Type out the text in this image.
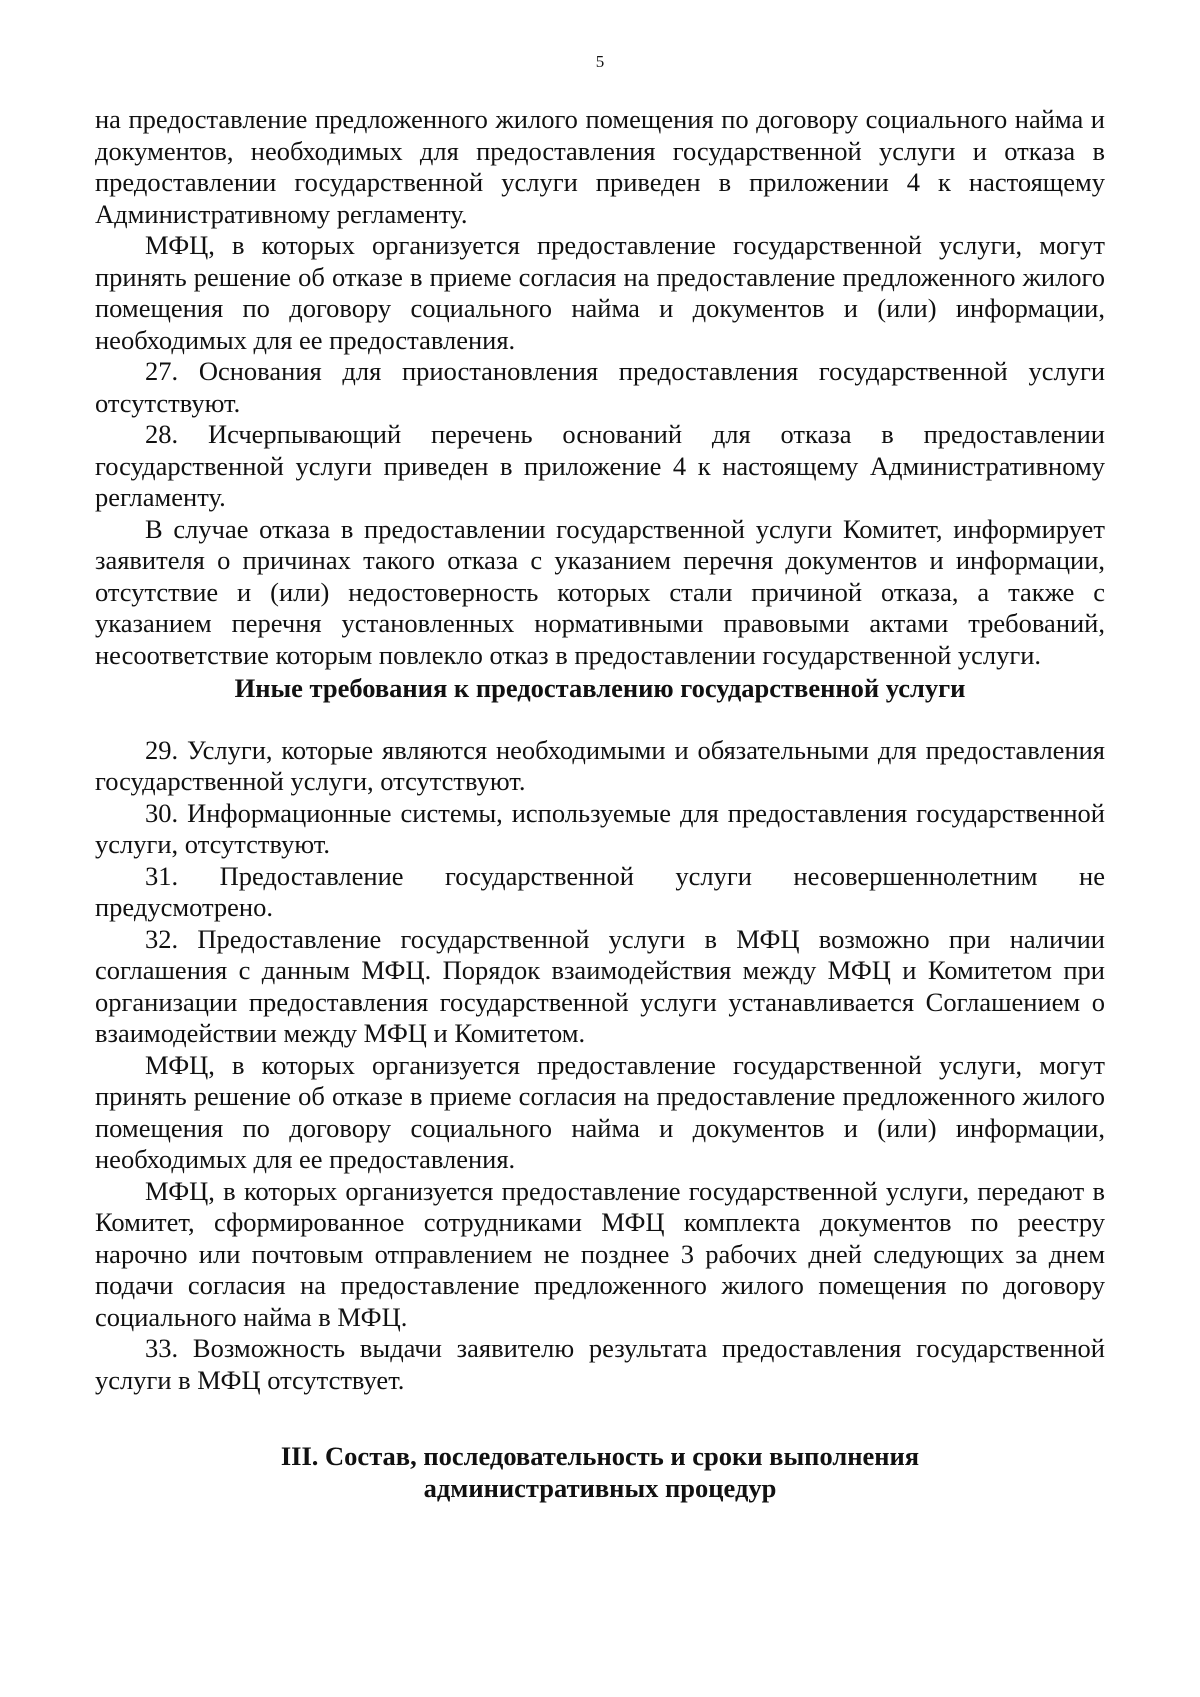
5

на предоставление предложенного жилого помещения по договору социального найма и документов, необходимых для предоставления государственной услуги и отказа в предоставлении государственной услуги приведен в приложении 4 к настоящему Административному регламенту.

МФЦ, в которых организуется предоставление государственной услуги, могут принять решение об отказе в приеме согласия на предоставление предложенного жилого помещения по договору социального найма и документов и (или) информации, необходимых для ее предоставления.

27. Основания для приостановления предоставления государственной услуги отсутствуют.

28. Исчерпывающий перечень оснований для отказа в предоставлении государственной услуги приведен в приложение 4 к настоящему Административному регламенту.

В случае отказа в предоставлении государственной услуги Комитет, информирует заявителя о причинах такого отказа с указанием перечня документов и информации, отсутствие и (или) недостоверность которых стали причиной отказа, а также с указанием перечня установленных нормативными правовыми актами требований, несоответствие которым повлекло отказ в предоставлении государственной услуги.

Иные требования к предоставлению государственной услуги

29. Услуги, которые являются необходимыми и обязательными для предоставления государственной услуги, отсутствуют.

30. Информационные системы, используемые для предоставления государственной услуги, отсутствуют.

31. Предоставление государственной услуги несовершеннолетним не предусмотрено.

32. Предоставление государственной услуги в МФЦ возможно при наличии соглашения с данным МФЦ. Порядок взаимодействия между МФЦ и Комитетом при организации предоставления государственной услуги устанавливается Соглашением о взаимодействии между МФЦ и Комитетом.

МФЦ, в которых организуется предоставление государственной услуги, могут принять решение об отказе в приеме согласия на предоставление предложенного жилого помещения по договору социального найма и документов и (или) информации, необходимых для ее предоставления.

МФЦ, в которых организуется предоставление государственной услуги, передают в Комитет, сформированное сотрудниками МФЦ комплекта документов по реестру нарочно или почтовым отправлением не позднее 3 рабочих дней следующих за днем подачи согласия на предоставление предложенного жилого помещения по договору социального найма в МФЦ.

33. Возможность выдачи заявителю результата предоставления государственной услуги в МФЦ отсутствует.

III. Состав, последовательность и сроки выполнения
административных процедур
